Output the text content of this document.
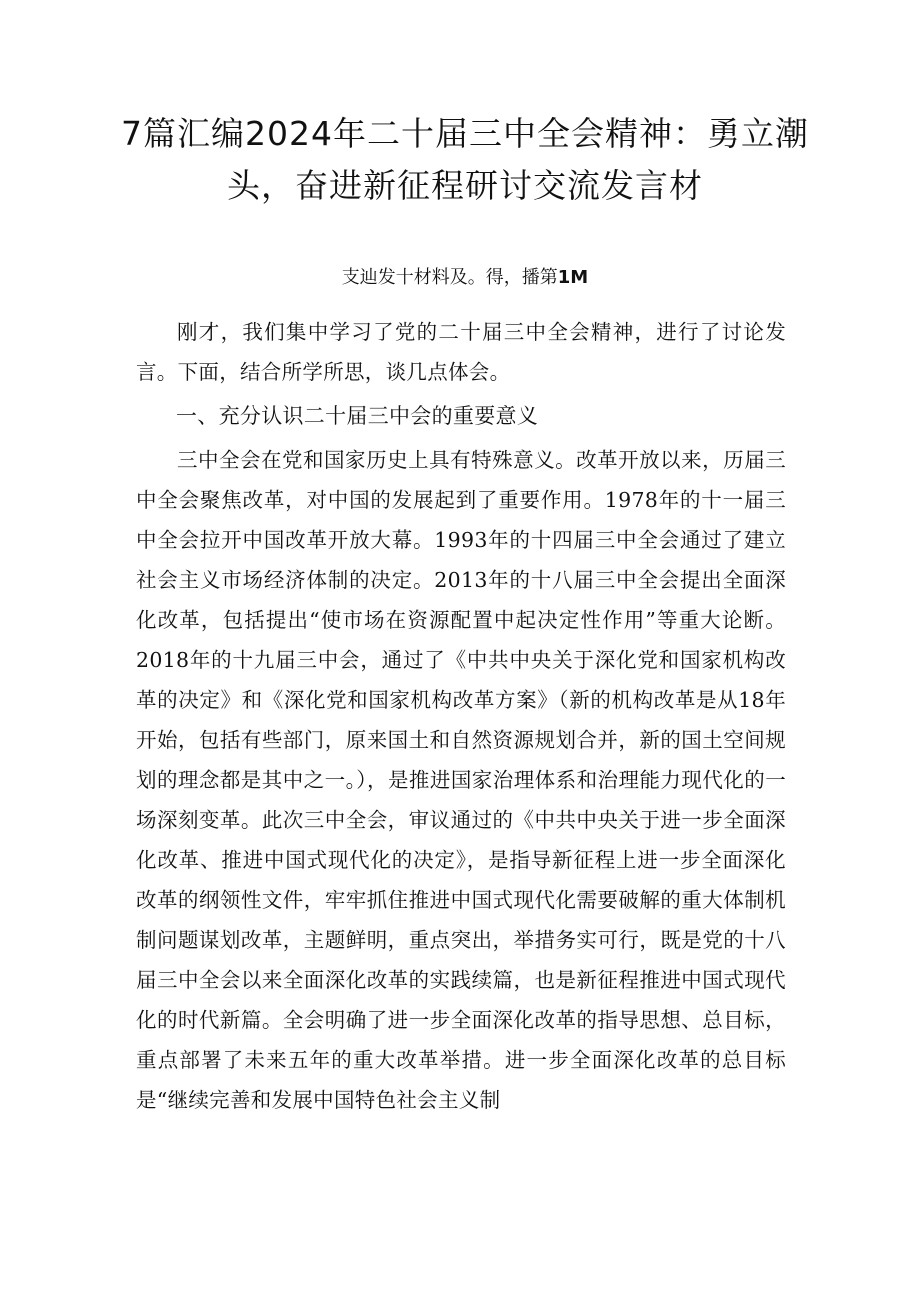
7篇汇编2024年二十届三中全会精神：勇立潮头，奋进新征程研讨交流发言材
支辿发十材料及。得，播第1M

刚才，我们集中学习了党的二十届三中全会精神，进行了讨论发言。下面，结合所学所思，谈几点体会。

一、充分认识二十届三中会的重要意义

三中全会在党和国家历史上具有特殊意义。改革开放以来，历届三中全会聚焦改革，对中国的发展起到了重要作用。1978年的十一届三中全会拉开中国改革开放大幕。1993年的十四届三中全会通过了建立社会主义市场经济体制的决定。2013年的十八届三中全会提出全面深化改革，包括提出“使市场在资源配置中起决定性作用”等重大论断。2018年的十九届三中会，通过了《中共中央关于深化党和国家机构改革的决定》和《深化党和国家机构改革方案》（新的机构改革是从18年开始，包括有些部门，原来国土和自然资源规划合并，新的国土空间规划的理念都是其中之一。），是推进国家治理体系和治理能力现代化的一场深刻变革。此次三中全会，审议通过的《中共中央关于进一步全面深化改革、推进中国式现代化的决定》，是指导新征程上进一步全面深化改革的纲领性文件，牢牢抓住推进中国式现代化需要破解的重大体制机制问题谋划改革，主题鲜明，重点突出，举措务实可行，既是党的十八届三中全会以来全面深化改革的实践续篇，也是新征程推进中国式现代化的时代新篇。全会明确了进一步全面深化改革的指导思想、总目标，重点部署了未来五年的重大改革举措。进一步全面深化改革的总目标是“继续完善和发展中国特色社会主义制
